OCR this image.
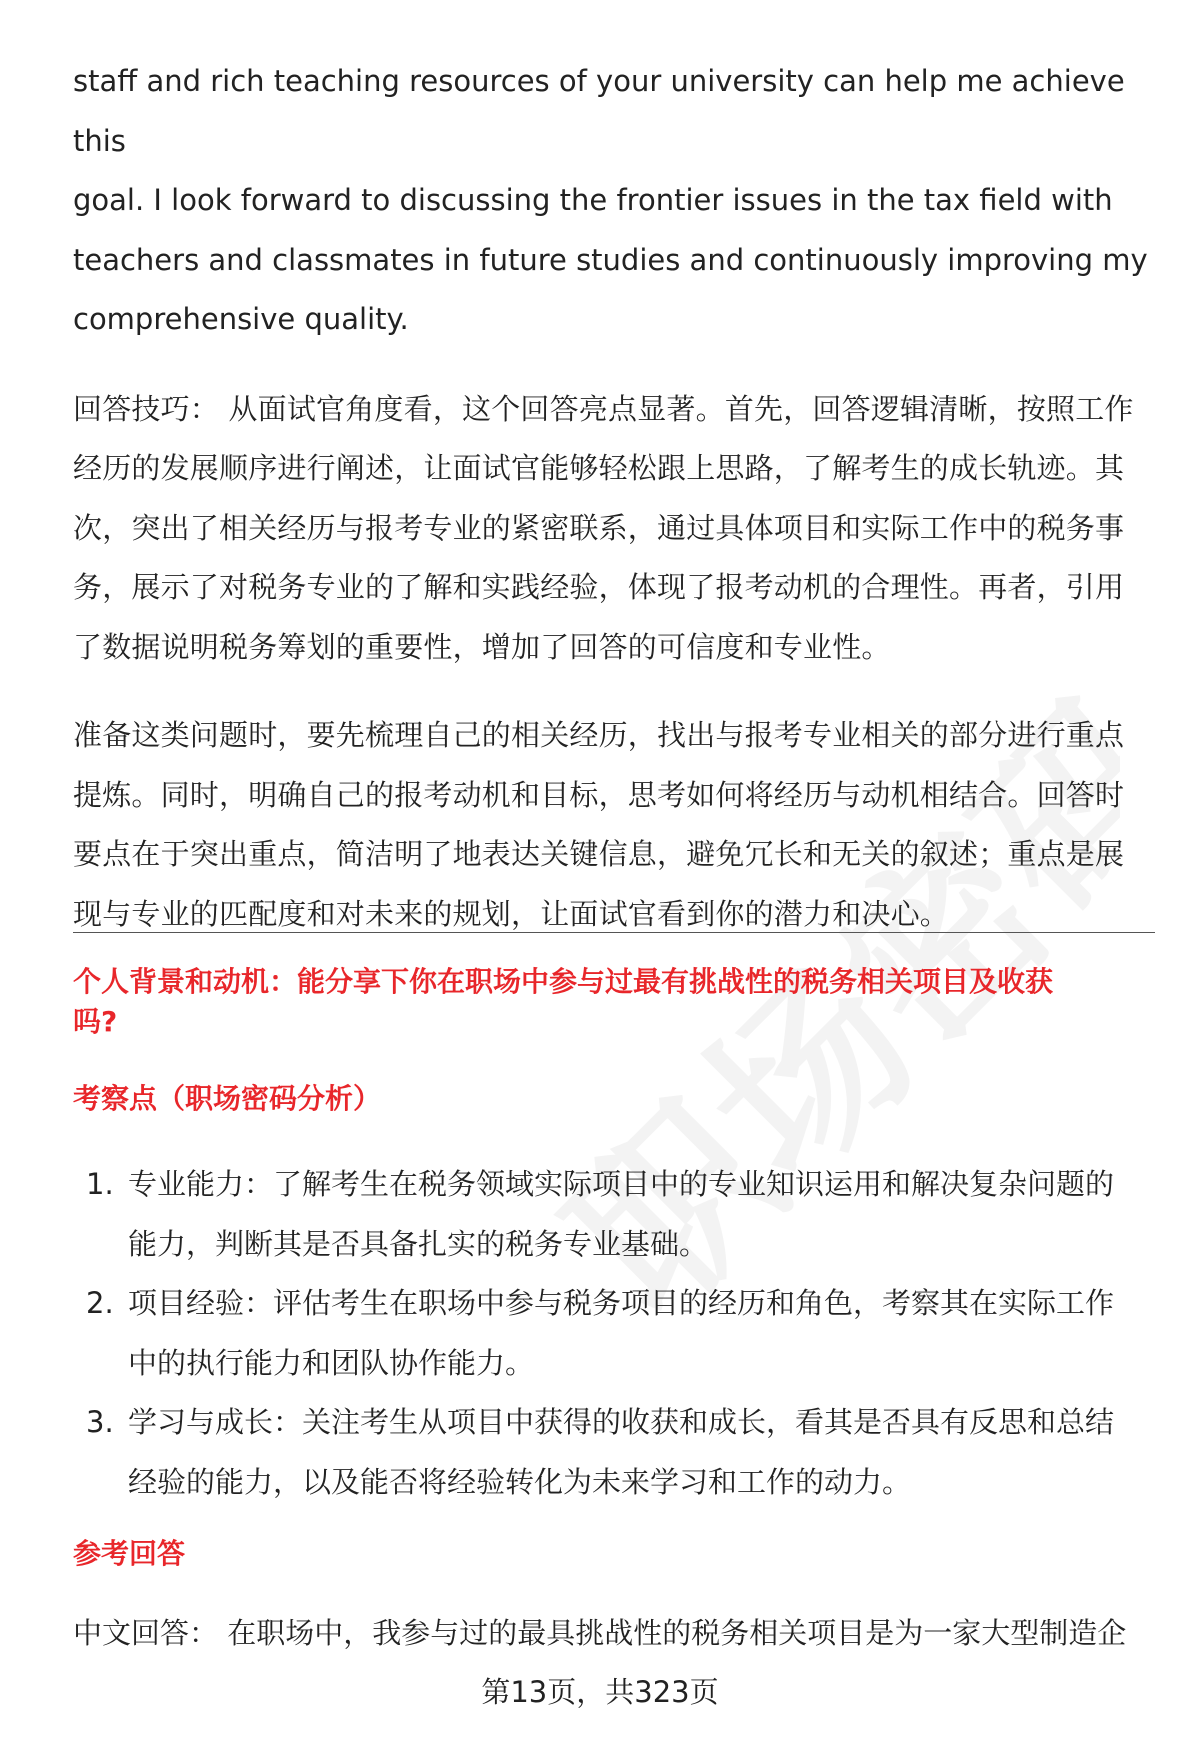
staff and rich teaching resources of your university can help me achieve this

goal. I look forward to discussing the frontier issues in the tax field with

teachers and classmates in future studies and continuously improving my

comprehensive quality.

回答技巧： 从面试官角度看，这个回答亮点显著。首先，回答逻辑清晰，按照工作

经历的发展顺序进行阐述，让面试官能够轻松跟上思路，了解考生的成长轨迹。其

次，突出了相关经历与报考专业的紧密联系，通过具体项目和实际工作中的税务事

务，展示了对税务专业的了解和实践经验，体现了报考动机的合理性。再者，引用

了数据说明税务筹划的重要性，增加了回答的可信度和专业性。

准备这类问题时，要先梳理自己的相关经历，找出与报考专业相关的部分进行重点

提炼。同时，明确自己的报考动机和目标，思考如何将经历与动机相结合。回答时

要点在于突出重点，简洁明了地表达关键信息，避免冗长和无关的叙述；重点是展

现与专业的匹配度和对未来的规划，让面试官看到你的潜力和决心。

个人背景和动机：能分享下你在职场中参与过最有挑战性的税务相关项目及收获
吗?
考察点（职场密码分析）
1. 专业能力：了解考生在税务领域实际项目中的专业知识运用和解决复杂问题的
能力，判断其是否具备扎实的税务专业基础。
2. 项目经验：评估考生在职场中参与税务项目的经历和角色，考察其在实际工作
中的执行能力和团队协作能力。
3. 学习与成长：关注考生从项目中获得的收获和成长，看其是否具有反思和总结
经验的能力，以及能否将经验转化为未来学习和工作的动力。
参考回答

中文回答： 在职场中，我参与过的最具挑战性的税务相关项目是为一家大型制造企

第13页，共323页
